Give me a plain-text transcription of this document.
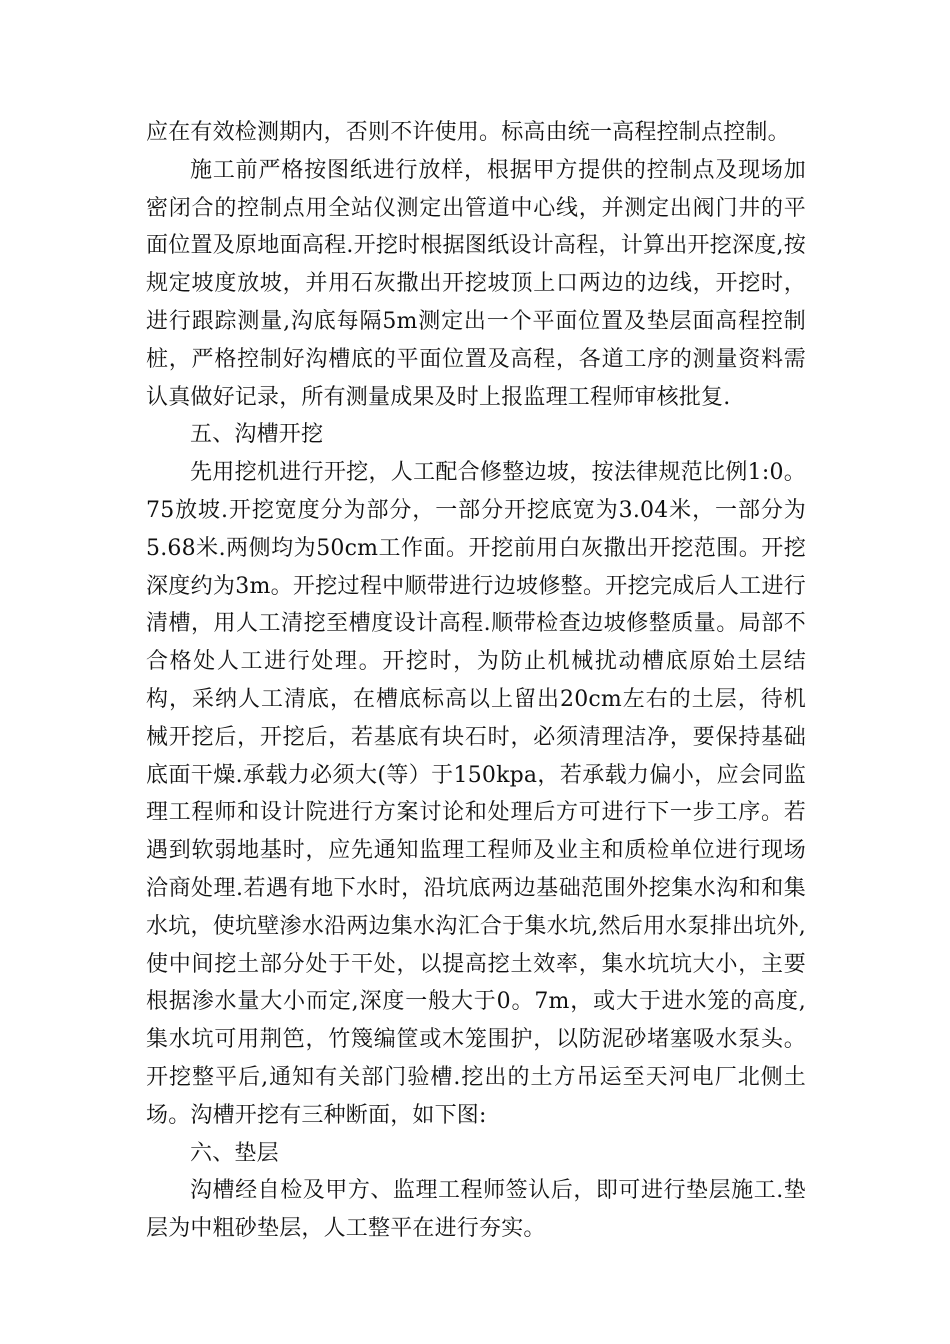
应在有效检测期内，否则不许使用。标高由统一高程控制点控制。

施工前严格按图纸进行放样，根据甲方提供的控制点及现场加密闭合的控制点用全站仪测定出管道中心线，并测定出阀门井的平面位置及原地面高程.开挖时根据图纸设计高程，计算出开挖深度,按规定坡度放坡，并用石灰撒出开挖坡顶上口两边的边线，开挖时，进行跟踪测量,沟底每隔5m测定出一个平面位置及垫层面高程控制桩，严格控制好沟槽底的平面位置及高程，各道工序的测量资料需认真做好记录，所有测量成果及时上报监理工程师审核批复.

五、沟槽开挖

先用挖机进行开挖，人工配合修整边坡，按法律规范比例1:0。75放坡.开挖宽度分为部分，一部分开挖底宽为3.04米，一部分为5.68米.两侧均为50cm工作面。开挖前用白灰撒出开挖范围。开挖深度约为3m。开挖过程中顺带进行边坡修整。开挖完成后人工进行清槽，用人工清挖至槽度设计高程.顺带检查边坡修整质量。局部不合格处人工进行处理。开挖时，为防止机械扰动槽底原始土层结构，采纳人工清底，在槽底标高以上留出20cm左右的土层，待机械开挖后，开挖后，若基底有块石时，必须清理洁净，要保持基础底面干燥.承载力必须大(等）于150kpa，若承载力偏小，应会同监理工程师和设计院进行方案讨论和处理后方可进行下一步工序。若遇到软弱地基时，应先通知监理工程师及业主和质检单位进行现场洽商处理.若遇有地下水时，沿坑底两边基础范围外挖集水沟和和集水坑，使坑壁渗水沿两边集水沟汇合于集水坑,然后用水泵排出坑外,使中间挖土部分处于干处，以提高挖土效率，集水坑坑大小，主要根据渗水量大小而定,深度一般大于0。7m，或大于进水笼的高度,集水坑可用荆笆，竹篾编筐或木笼围护，以防泥砂堵塞吸水泵头。开挖整平后,通知有关部门验槽.挖出的土方吊运至天河电厂北侧土场。沟槽开挖有三种断面，如下图:

六、垫层

沟槽经自检及甲方、监理工程师签认后，即可进行垫层施工.垫层为中粗砂垫层，人工整平在进行夯实。
